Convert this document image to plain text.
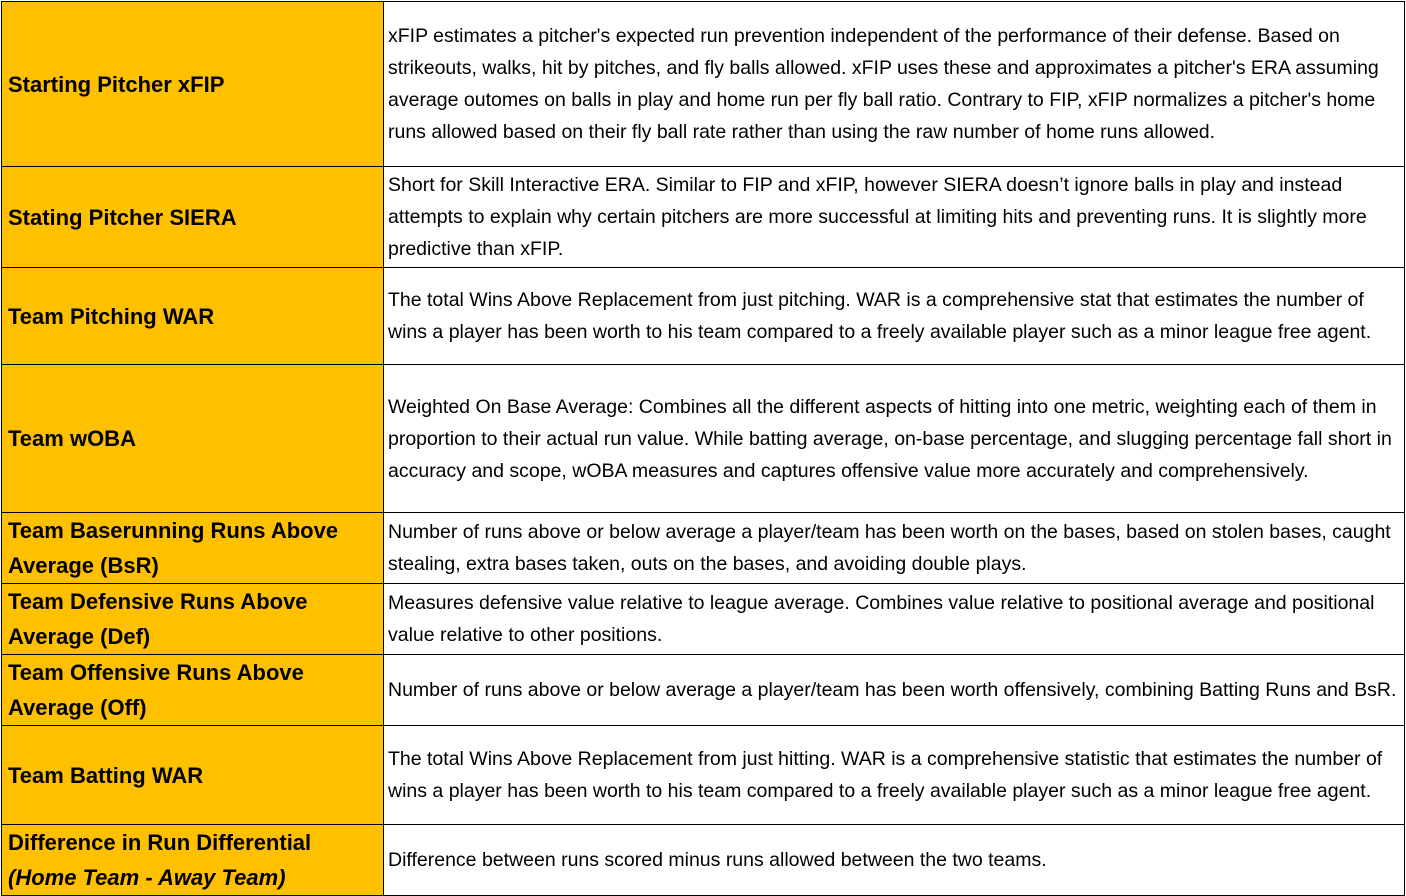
Starting Pitcher xFIP	xFIP estimates a pitcher's expected run prevention independent of the performance of their defense. Based on strikeouts, walks, hit by pitches, and fly balls allowed. xFIP uses these and approximates a pitcher's ERA assuming average outomes on balls in play and home run per fly ball ratio. Contrary to FIP, xFIP normalizes a pitcher's home runs allowed based on their fly ball rate rather than using the raw number of home runs allowed.

Stating Pitcher SIERA	Short for Skill Interactive ERA. Similar to FIP and xFIP, however SIERA doesn’t ignore balls in play and instead attempts to explain why certain pitchers are more successful at limiting hits and preventing runs. It is slightly more predictive than xFIP.

Team Pitching WAR	The total Wins Above Replacement from just pitching. WAR is a comprehensive stat that estimates the number of wins a player has been worth to his team compared to a freely available player such as a minor league free agent.

Team wOBA	Weighted On Base Average: Combines all the different aspects of hitting into one metric, weighting each of them in proportion to their actual run value. While batting average, on-base percentage, and slugging percentage fall short in accuracy and scope, wOBA measures and captures offensive value more accurately and comprehensively.

Team Baserunning Runs Above Average (BsR)	Number of runs above or below average a player/team has been worth on the bases, based on stolen bases, caught stealing, extra bases taken, outs on the bases, and avoiding double plays.

Team Defensive Runs Above Average (Def)	Measures defensive value relative to league average. Combines value relative to positional average and positional value relative to other positions.

Team Offensive Runs Above Average (Off)	Number of runs above or below average a player/team has been worth offensively, combining Batting Runs and BsR.

Team Batting WAR	The total Wins Above Replacement from just hitting. WAR is a comprehensive statistic that estimates the number of wins a player has been worth to his team compared to a freely available player such as a minor league free agent.

Difference in Run Differential
(Home Team - Away Team)	Difference between runs scored minus runs allowed between the two teams.
